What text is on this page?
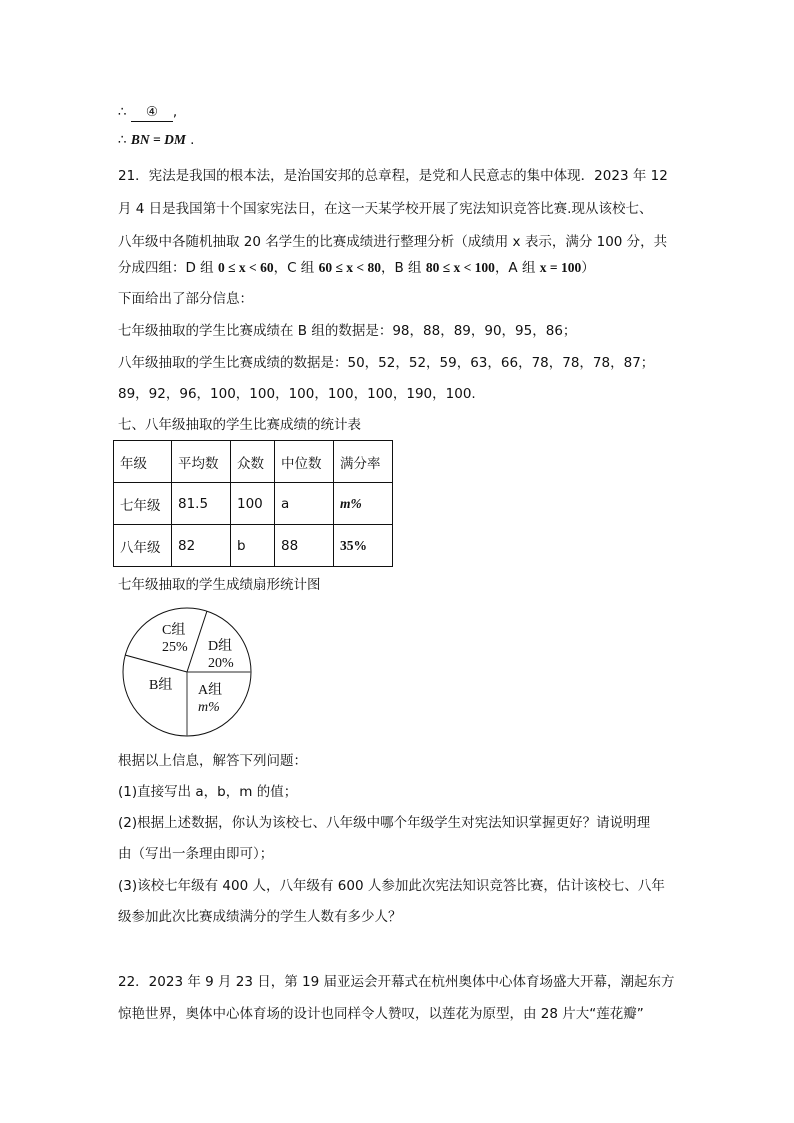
∴ ④ ,
∴ BN = DM .
21．宪法是我国的根本法，是治国安邦的总章程，是党和人民意志的集中体现．2023 年 12
月 4 日是我国第十个国家宪法日，在这一天某学校开展了宪法知识竞答比赛.现从该校七、
八年级中各随机抽取 20 名学生的比赛成绩进行整理分析（成绩用 x 表示，满分 100 分，共
分成四组：D 组 0 ≤ x < 60，C 组 60 ≤ x < 80，B 组 80 ≤ x < 100，A 组 x = 100）
下面给出了部分信息：
七年级抽取的学生比赛成绩在 B 组的数据是：98，88，89，90，95，86；
八年级抽取的学生比赛成绩的数据是：50，52，52，59，63，66，78，78，78，87；
89，92，96，100，100，100，100，100，190，100.
七、八年级抽取的学生比赛成绩的统计表
年级	平均数	众数	中位数	满分率
七年级	81.5	100	a	m%
八年级	82	b	88	35%
七年级抽取的学生成绩扇形统计图
C组
25% D组
20%
B组 A组
m%
根据以上信息，解答下列问题：
(1)直接写出 a，b，m 的值；
(2)根据上述数据，你认为该校七、八年级中哪个年级学生对宪法知识掌握更好？请说明理
由（写出一条理由即可）；
(3)该校七年级有 400 人，八年级有 600 人参加此次宪法知识竞答比赛，估计该校七、八年
级参加此次比赛成绩满分的学生人数有多少人？
22．2023 年 9 月 23 日，第 19 届亚运会开幕式在杭州奥体中心体育场盛大开幕，潮起东方
惊艳世界，奥体中心体育场的设计也同样令人赞叹，以莲花为原型，由 28 片大“莲花瓣”
